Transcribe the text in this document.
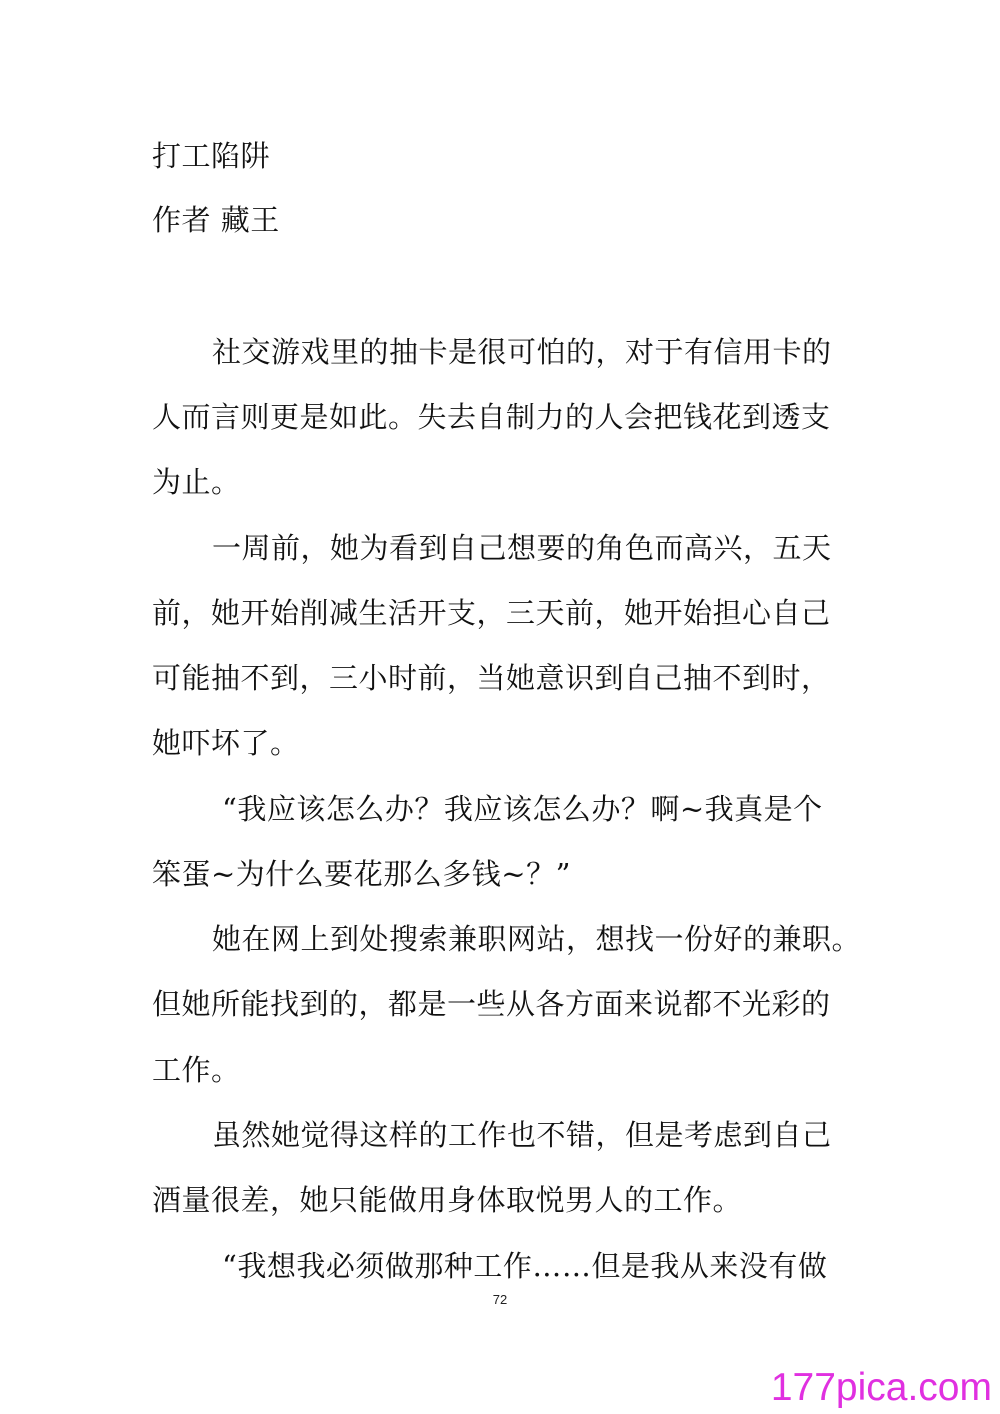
打工陷阱
作者 藏王
社交游戏里的抽卡是很可怕的，对于有信用卡的
人而言则更是如此。失去自制力的人会把钱花到透支
为止。
一周前，她为看到自己想要的角色而高兴，五天
前，她开始削减生活开支，三天前，她开始担心自己
可能抽不到，三小时前，当她意识到自己抽不到时，
她吓坏了。
“我应该怎么办？我应该怎么办？啊~我真是个
笨蛋~为什么要花那么多钱~？”
她在网上到处搜索兼职网站，想找一份好的兼职。
但她所能找到的，都是一些从各方面来说都不光彩的
工作。
虽然她觉得这样的工作也不错，但是考虑到自己
酒量很差，她只能做用身体取悦男人的工作。
“我想我必须做那种工作……但是我从来没有做
72
177pica.com
